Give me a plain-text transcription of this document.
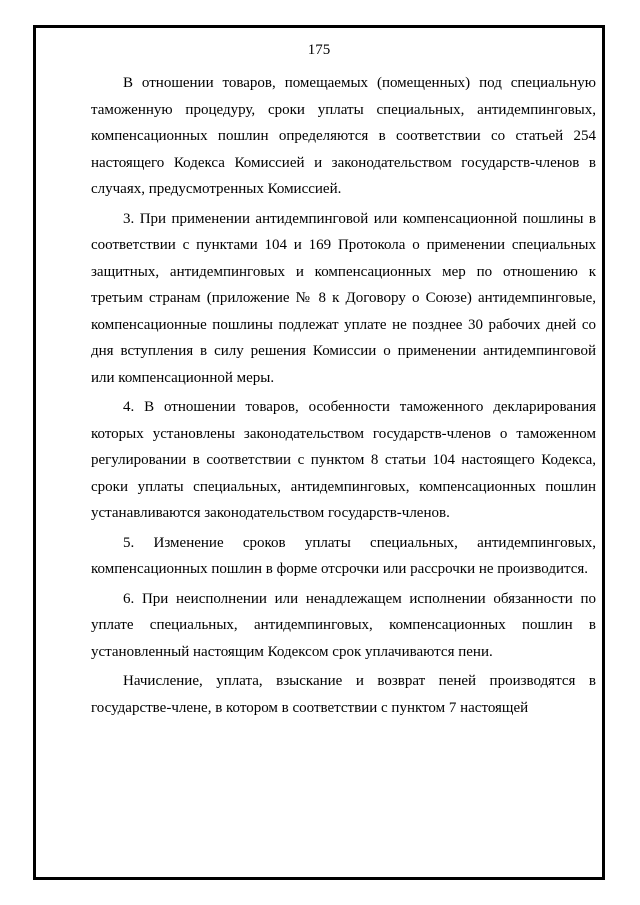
175

В отношении товаров, помещаемых (помещенных) под специальную таможенную процедуру, сроки уплаты специальных, антидемпинговых, компенсационных пошлин определяются в соответствии со статьей 254 настоящего Кодекса Комиссией и законодательством государств-членов в случаях, предусмотренных Комиссией.

3. При применении антидемпинговой или компенсационной пошлины в соответствии с пунктами 104 и 169 Протокола о применении специальных защитных, антидемпинговых и компенсационных мер по отношению к третьим странам (приложение № 8 к Договору о Союзе) антидемпинговые, компенсационные пошлины подлежат уплате не позднее 30 рабочих дней со дня вступления в силу решения Комиссии о применении антидемпинговой или компенсационной меры.

4. В отношении товаров, особенности таможенного декларирования которых установлены законодательством государств-членов о таможенном регулировании в соответствии с пунктом 8 статьи 104 настоящего Кодекса, сроки уплаты специальных, антидемпинговых, компенсационных пошлин устанавливаются законодательством государств-членов.

5. Изменение сроков уплаты специальных, антидемпинговых, компенсационных пошлин в форме отсрочки или рассрочки не производится.

6. При неисполнении или ненадлежащем исполнении обязанности по уплате специальных, антидемпинговых, компенсационных пошлин в установленный настоящим Кодексом срок уплачиваются пени.

Начисление, уплата, взыскание и возврат пеней производятся в государстве-члене, в котором в соответствии с пунктом 7 настоящей
